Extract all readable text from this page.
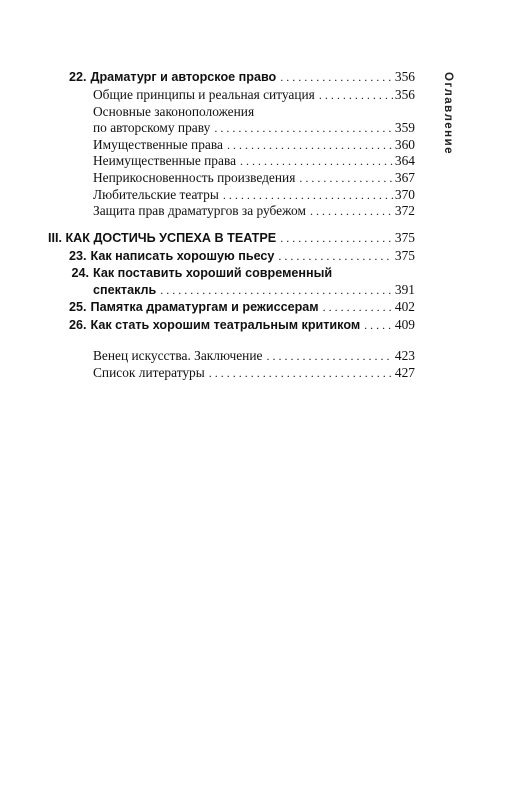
22. Драматург и авторское право . . .	356
Общие принципы и реальная ситуация . . .	356
Основные законоположения
по авторскому праву . . .	359
Имущественные права . . .	360
Неимущественные права . . .	364
Неприкосновенность произведения . . .	367
Любительские театры . . .	370
Защита прав драматургов за рубежом . . .	372
III. КАК ДОСТИЧЬ УСПЕХА В ТЕАТРЕ . . .	375
23. Как написать хорошую пьесу . . .	375
24. Как поставить хороший современный
спектакль . . .	391
25. Памятка драматургам и режиссерам . . .	402
26. Как стать хорошим театральным критиком . . .	409
Венец искусства. Заключение . . .	423
Список литературы . . .	427
Оглавление
